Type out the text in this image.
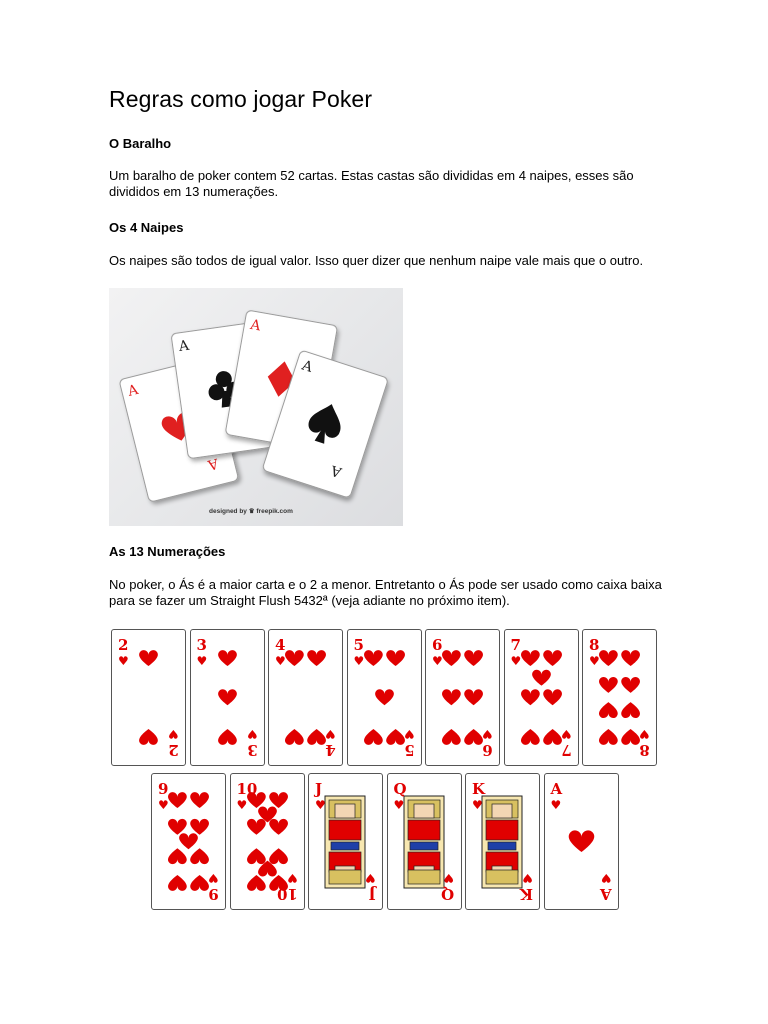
Regras como jogar Poker
O Baralho

Um baralho de poker contem 52 cartas. Estas castas são divididas em 4 naipes, esses são
divididos em 13 numerações.

Os 4 Naipes

Os naipes são todos de igual valor. Isso quer dizer que nenhum naipe vale mais que o outro.

A
A
A
A
A
A
designed by ♛ freepik.com
As 13 Numerações

No poker, o Ás é a maior carta e o 2 a menor. Entretanto o Ás pode ser usado como caixa baixa
para se fazer um Straight Flush 5432ª (veja adiante no próximo item).

2
♥
2
♥
3
♥
3
♥
4
♥
4
♥
5
♥
5
♥
6
♥
6
♥
7
♥
7
♥
8
♥
8
♥
9
♥
9
♥
10
♥
10
♥
J
♥
J
♥
Q
♥
Q
♥
K
♥
K
♥
A
♥
A
♥
